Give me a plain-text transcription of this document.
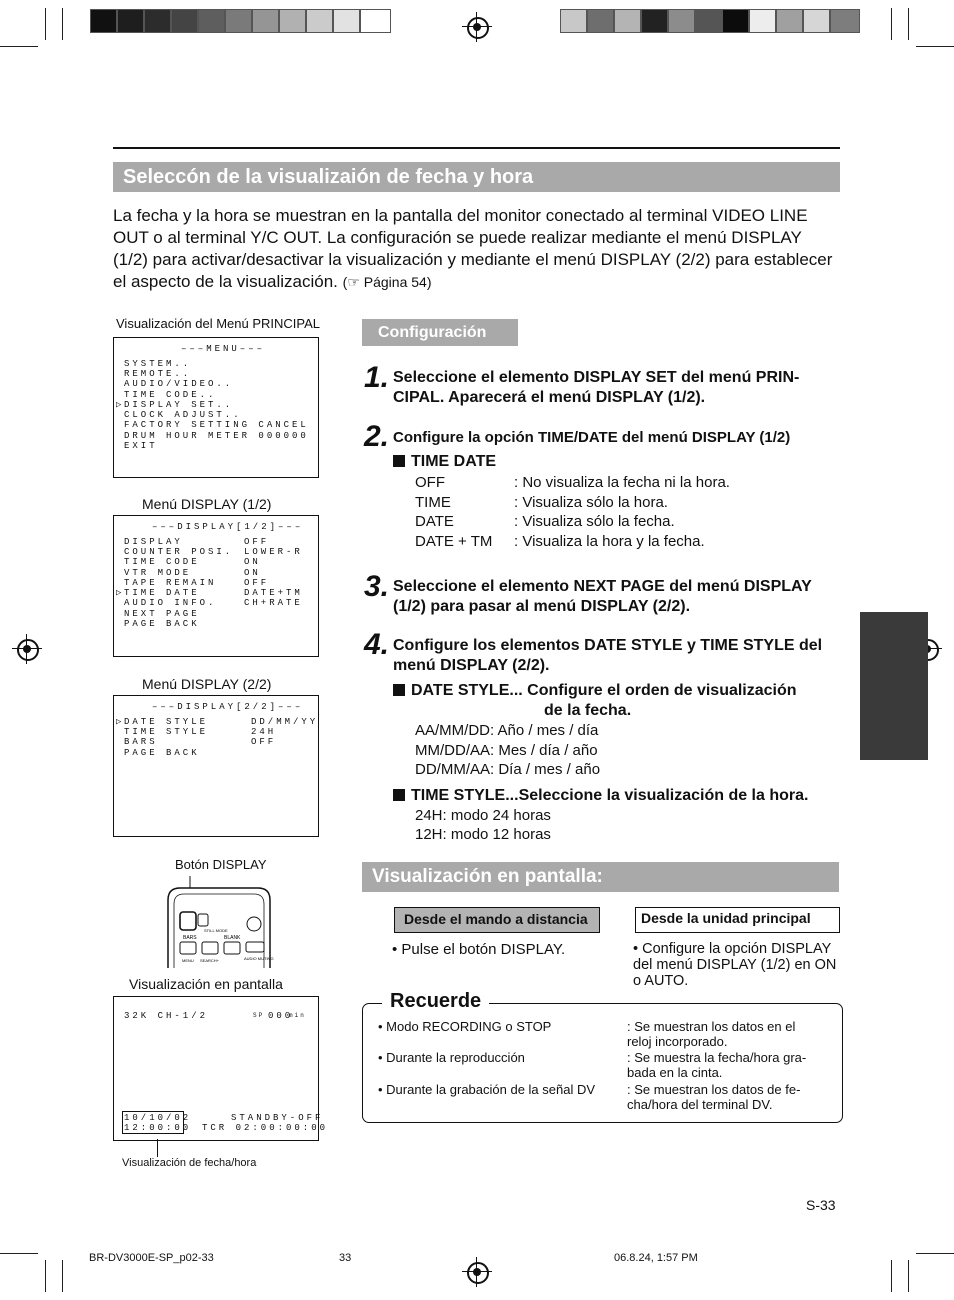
Seleccón de la visualizaión de fecha y hora
La fecha y la hora se muestran en la pantalla del monitor conectado al terminal VIDEO LINE OUT o al terminal Y/C OUT. La configuración se puede realizar mediante el menú DISPLAY (1/2) para activar/desactivar la visualización y mediante el menú DISPLAY (2/2) para establecer el aspecto de la visualización. (☞ Página 54)
Visualización del Menú PRINCIPAL
–––MENU–––
SYSTEM..
REMOTE..
AUDIO/VIDEO..
TIME CODE..
▷ DISPLAY SET..
CLOCK ADJUST..
FACTORY SETTING CANCEL
DRUM HOUR METER 000000
EXIT
Menú DISPLAY (1/2)
–––DISPLAY[1/2]–––
DISPLAY	OFF
COUNTER POSI. LOWER-R
TIME CODE	ON
VTR MODE	ON
TAPE REMAIN	OFF
▷ TIME DATE	DATE+TM
AUDIO INFO.	CH+RATE
NEXT PAGE
PAGE BACK
Menú DISPLAY (2/2)
–––DISPLAY[2/2]–––
▷ DATE STYLE	DD/MM/YY
TIME STYLE	24H
BARS	OFF
PAGE BACK
Botón DISPLAY
BARS
STILL MODE
BLANK
MENU SEARCH+	AUDIO MUTING
Visualización en pantalla
32K CH-1/2	SP 000
min
10/10/02
12:00:00
STANDBY-OFF
TCR 02:00:00:00
Visualización de fecha/hora
Configuración
1. Seleccione el elemento DISPLAY SET del menú PRIN-CIPAL. Aparecerá el menú DISPLAY (1/2).
2. Configure la opción TIME/DATE del menú DISPLAY (1/2)
TIME DATE
OFF	: No visualiza la fecha ni la hora.
TIME	: Visualiza sólo la hora.
DATE	: Visualiza sólo la fecha.
DATE + TM : Visualiza la hora y la fecha.
3. Seleccione el elemento NEXT PAGE del menú DISPLAY (1/2) para pasar al menú DISPLAY (2/2).
4. Configure los elementos DATE STYLE y TIME STYLE del menú DISPLAY (2/2).
DATE STYLE... Configure el orden de visualización
de la fecha.
AA/MM/DD: Año / mes / día
MM/DD/AA: Mes / día / año
DD/MM/AA: Día / mes / año
TIME STYLE...Seleccione la visualización de la hora.
24H: modo 24 horas
12H: modo 12 horas
Visualización en pantalla:
Desde el mando a distancia
• Pulse el botón DISPLAY.
Desde la unidad principal
• Configure la opción DISPLAY del menú DISPLAY (1/2) en ON o AUTO.
Recuerde
• Modo RECORDING o STOP	: Se muestran los datos en el reloj incorporado.
• Durante la reproducción	: Se muestra la fecha/hora gra-bada en la cinta.
• Durante la grabación de la señal DV : Se muestran los datos de fe-cha/hora del terminal DV.
S-33
BR-DV3000E-SP_p02-33	33	06.8.24, 1:57 PM
